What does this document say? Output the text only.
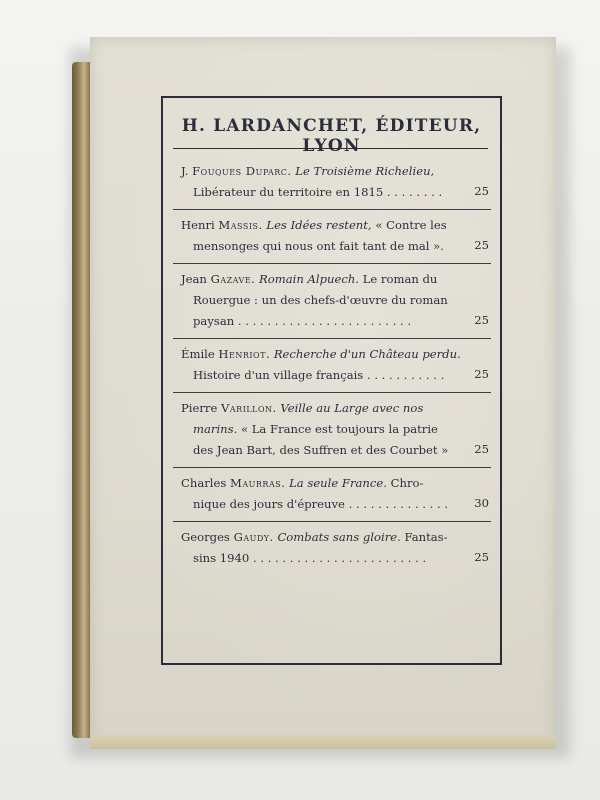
H. LARDANCHET, ÉDITEUR, LYON
J. Fouques Duparc. Le Troisième Richelieu,
Libérateur du territoire en 1815 . . . . . . . .	25
Henri Massis. Les Idées restent, « Contre les
mensonges qui nous ont fait tant de mal ».	25
Jean Gazave. Romain Alpuech. Le roman du
Rouergue : un des chefs-d'œuvre du roman
paysan . . . . . . . . . . . . . . . . . . . . . . . .	25
Émile Henriot. Recherche d'un Château perdu.
Histoire d'un village français . . . . . . . . . . .	25
Pierre Varillon. Veille au Large avec nos
marins. « La France est toujours la patrie
des Jean Bart, des Suffren et des Courbet »	25
Charles Maurras. La seule France. Chro-
nique des jours d'épreuve . . . . . . . . . . . . . .	30
Georges Gaudy. Combats sans gloire. Fantas-
sins 1940 . . . . . . . . . . . . . . . . . . . . . . . .	25
